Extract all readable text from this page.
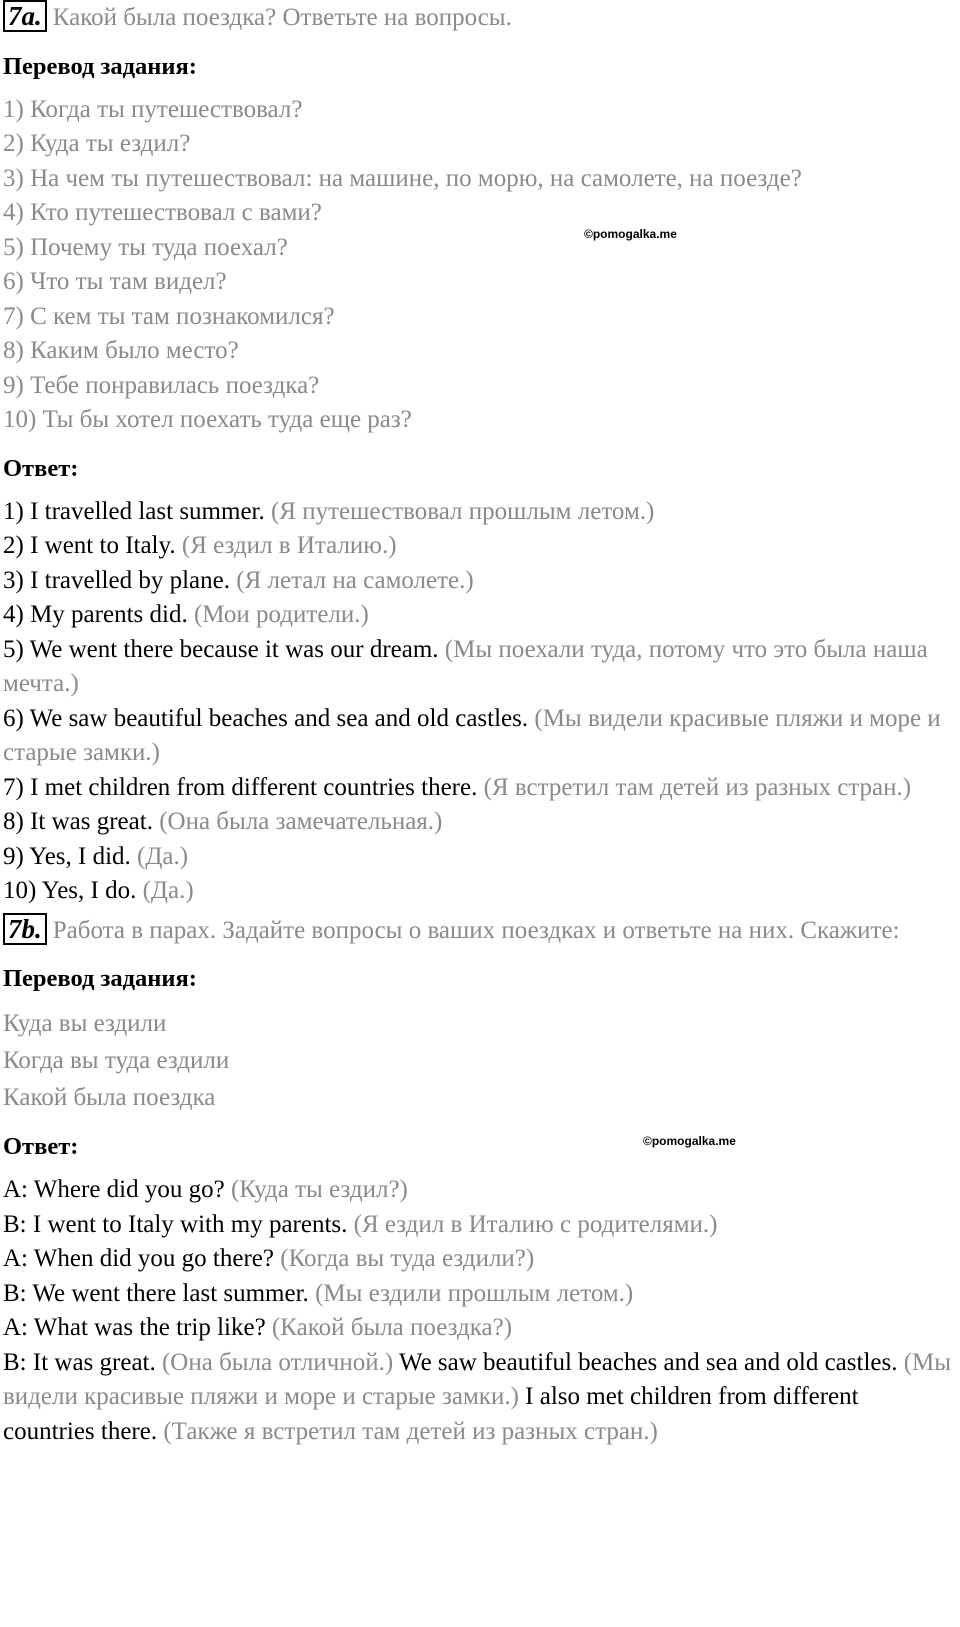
7a. Какой была поездка? Ответьте на вопросы.
Перевод задания:
1) Когда ты путешествовал?
2) Куда ты ездил?
3) На чем ты путешествовал: на машине, по морю, на самолете, на поезде?
4) Кто путешествовал с вами?
5) Почему ты туда поехал?
6) Что ты там видел?
7) С кем ты там познакомился?
8) Каким было место?
9) Тебе понравилась поездка?
10) Ты бы хотел поехать туда еще раз?
Ответ:
1) I travelled last summer. (Я путешествовал прошлым летом.)
2) I went to Italy. (Я ездил в Италию.)
3) I travelled by plane. (Я летал на самолете.)
4) My parents did. (Мои родители.)
5) We went there because it was our dream. (Мы поехали туда, потому что это была наша мечта.)
6) We saw beautiful beaches and sea and old castles. (Мы видели красивые пляжи и море и старые замки.)
7) I met children from different countries there. (Я встретил там детей из разных стран.)
8) It was great. (Она была замечательная.)
9) Yes, I did. (Да.)
10) Yes, I do. (Да.)
7b. Работа в парах. Задайте вопросы о ваших поездках и ответьте на них. Скажите:
Перевод задания:
Куда вы ездили
Когда вы туда ездили
Какой была поездка
Ответ:
A: Where did you go? (Куда ты ездил?)
B: I went to Italy with my parents. (Я ездил в Италию с родителями.)
A: When did you go there? (Когда вы туда ездили?)
B: We went there last summer. (Мы ездили прошлым летом.)
A: What was the trip like? (Какой была поездка?)
B: It was great. (Она была отличной.) We saw beautiful beaches and sea and old castles. (Мы видели красивые пляжи и море и старые замки.) I also met children from different countries there. (Также я встретил там детей из разных стран.)
©pomogalka.me
©pomogalka.me
